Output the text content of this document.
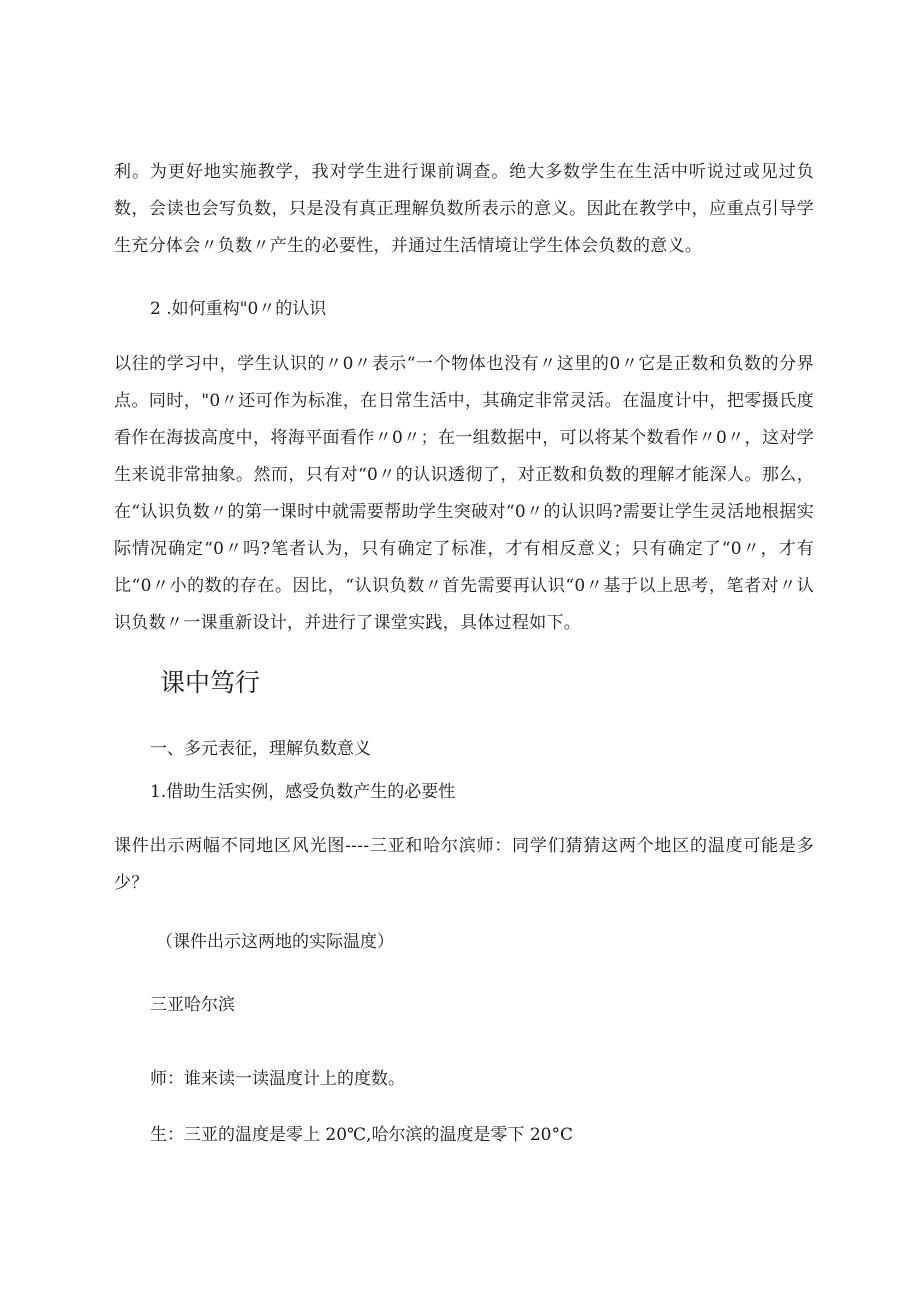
利。为更好地实施教学，我对学生进行课前调查。绝大多数学生在生活中听说过或见过负数，会读也会写负数，只是没有真正理解负数所表示的意义。因此在教学中，应重点引导学生充分体会〃负数〃产生的必要性，并通过生活情境让学生体会负数的意义。

2 .如何重构"0〃的认识

以往的学习中，学生认识的〃0〃表示“一个物体也没有〃这里的0〃它是正数和负数的分界点。同时，"0〃还可作为标准，在日常生活中，其确定非常灵活。在温度计中，把零摄氏度看作在海拔高度中，将海平面看作〃0〃；在一组数据中，可以将某个数看作〃0〃，这对学生来说非常抽象。然而，只有对“0〃的认识透彻了，对正数和负数的理解才能深人。那么，在“认识负数〃的第一课时中就需要帮助学生突破对“0〃的认识吗?需要让学生灵活地根据实际情况确定“0〃吗?笔者认为，只有确定了标准，才有相反意义；只有确定了“0〃，才有比“0〃小的数的存在。因比，“认识负数〃首先需要再认识“0〃基于以上思考，笔者对〃认识负数〃一课重新设计，并进行了课堂实践，具体过程如下。

课中笃行

一、多元表征，理解负数意义

1.借助生活实例，感受负数产生的必要性

课件出示两幅不同地区风光图----三亚和哈尔滨师：同学们猜猜这两个地区的温度可能是多少？

（课件出示这两地的实际温度）

三亚哈尔滨

师：谁来读一读温度计上的度数。

生：三亚的温度是零上 20℃,哈尔滨的温度是零下 20°C
